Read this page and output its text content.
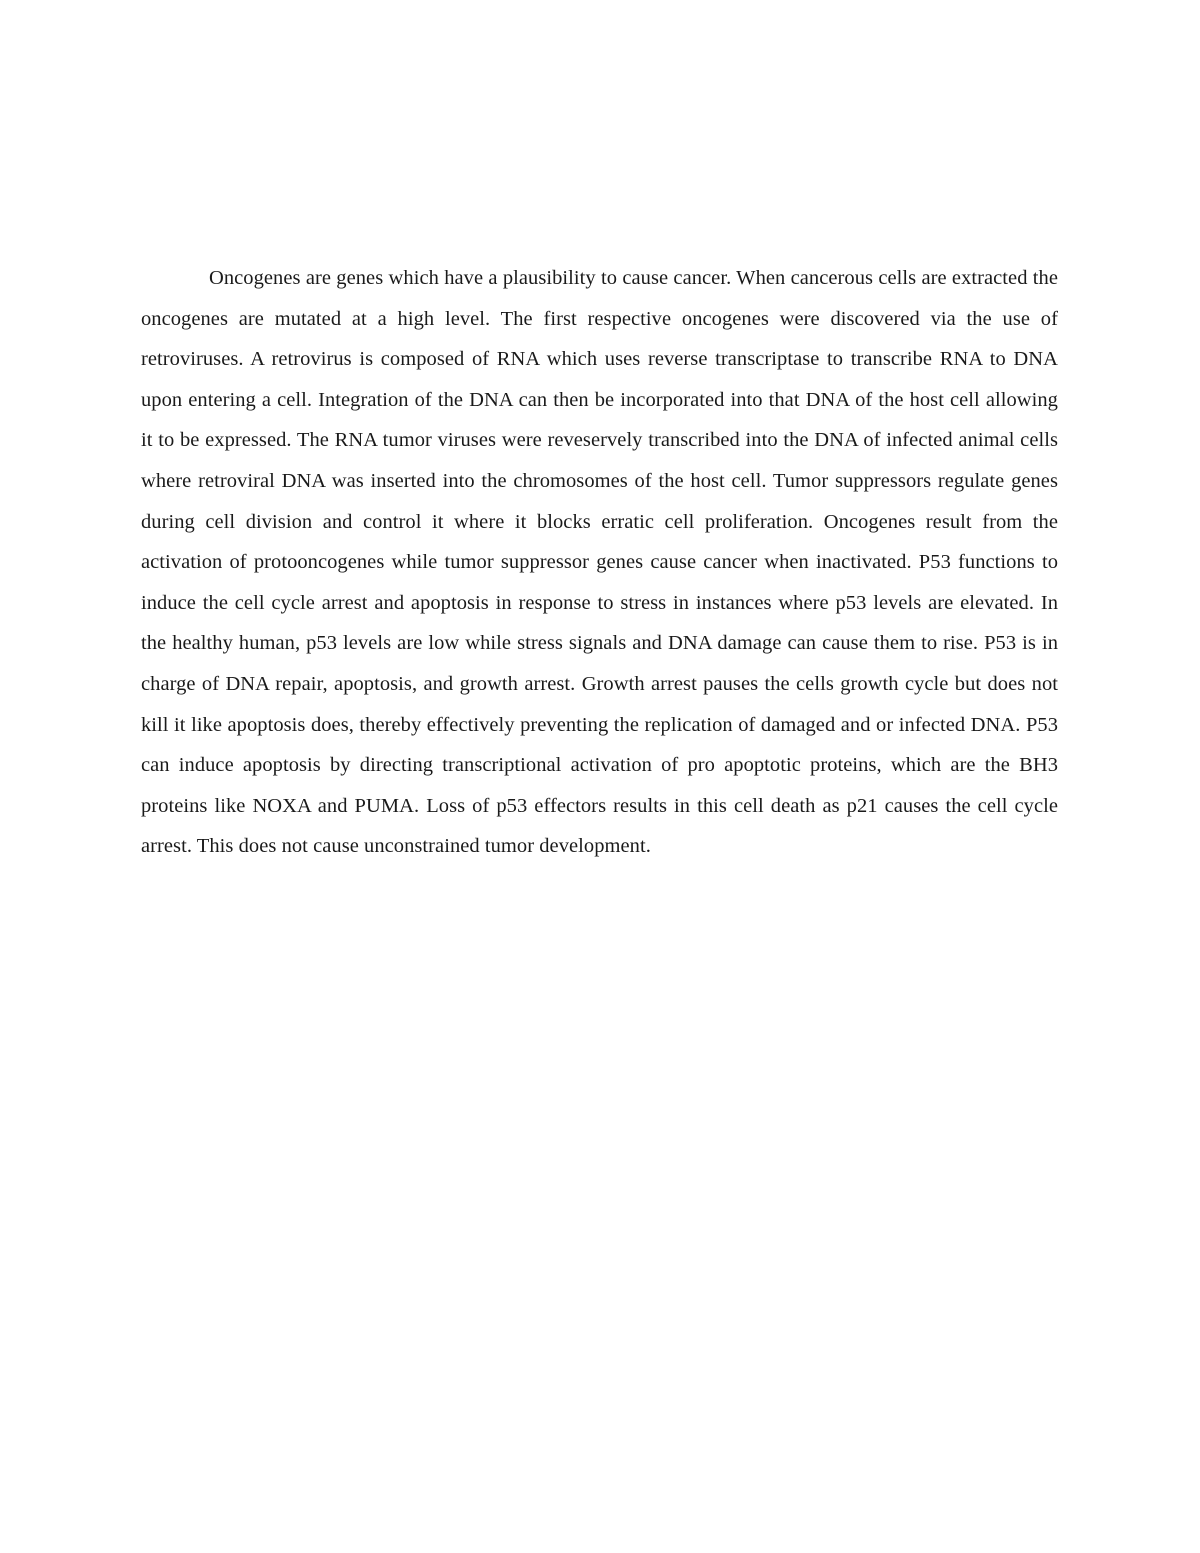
Oncogenes are genes which have a plausibility to cause cancer. When cancerous cells are extracted the oncogenes are mutated at a high level. The first respective oncogenes were discovered via the use of retroviruses. A retrovirus is composed of RNA which uses reverse transcriptase to transcribe RNA to DNA upon entering a cell. Integration of the DNA can then be incorporated into that DNA of the host cell allowing it to be expressed. The RNA tumor viruses were reveservely transcribed into the DNA of infected animal cells where retroviral DNA was inserted into the chromosomes of the host cell. Tumor suppressors regulate genes during cell division and control it where it blocks erratic cell proliferation. Oncogenes result from the activation of protooncogenes while tumor suppressor genes cause cancer when inactivated. P53 functions to induce the cell cycle arrest and apoptosis in response to stress in instances where p53 levels are elevated. In the healthy human, p53 levels are low while stress signals and DNA damage can cause them to rise. P53 is in charge of DNA repair, apoptosis, and growth arrest. Growth arrest pauses the cells growth cycle but does not kill it like apoptosis does, thereby effectively preventing the replication of damaged and or infected DNA. P53 can induce apoptosis by directing transcriptional activation of pro apoptotic proteins, which are the BH3 proteins like NOXA and PUMA. Loss of p53 effectors results in this cell death as p21 causes the cell cycle arrest. This does not cause unconstrained tumor development.
